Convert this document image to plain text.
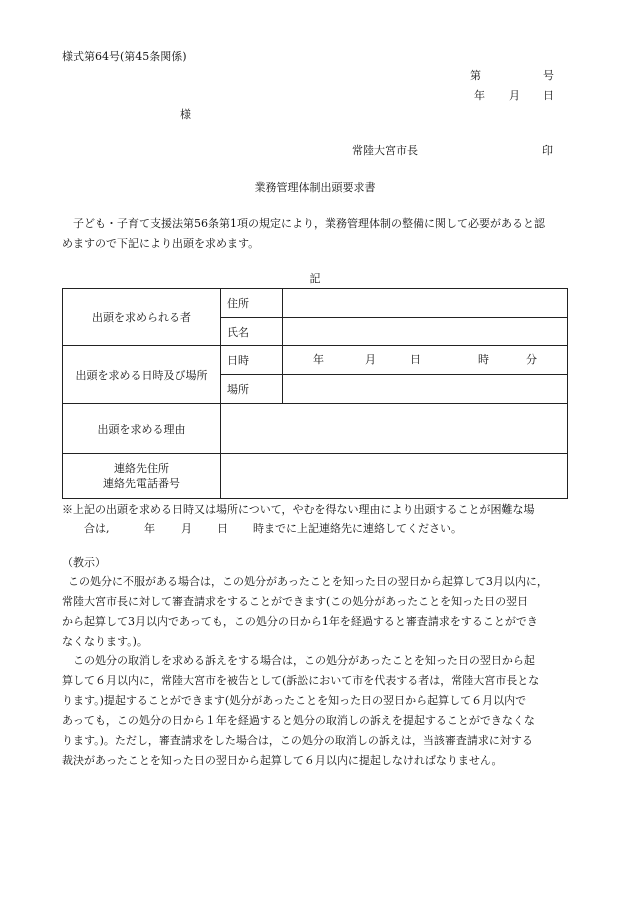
様式第64号(第45条関係)
第	号
年 月 日
様
常陸大宮市長	印
業務管理体制出頭要求書
子ども・子育て支援法第56条第1項の規定により，業務管理体制の整備に関して必要があると認
めますので下記により出頭を求めます。
記
出頭を求められる者	住所	
	氏名	
出頭を求める日時及び場所	日時	年 月 日 時 分

	場所	
出頭を求める理由		

連絡先住所
連絡先電話番号		

※上記の出頭を求める日時又は場所について，やむを得ない理由により出頭することが困難な場
合は,	年 月 日 時までに上記連絡先に連絡してください。
（教示）
この処分に不服がある場合は，この処分があったことを知った日の翌日から起算して3月以内に，
常陸大宮市長に対して審査請求をすることができます(この処分があったことを知った日の翌日
から起算して3月以内であっても，この処分の日から1年を経過すると審査請求をすることができ
なくなります。)。
この処分の取消しを求める訴えをする場合は，この処分があったことを知った日の翌日から起
算して６月以内に，常陸大宮市を被告として(訴訟において市を代表する者は，常陸大宮市長とな
ります。)提起することができます(処分があったことを知った日の翌日から起算して６月以内で
あっても，この処分の日から１年を経過すると処分の取消しの訴えを提起することができなくな
ります。)。ただし，審査請求をした場合は，この処分の取消しの訴えは，当該審査請求に対する
裁決があったことを知った日の翌日から起算して６月以内に提起しなければなりません。
